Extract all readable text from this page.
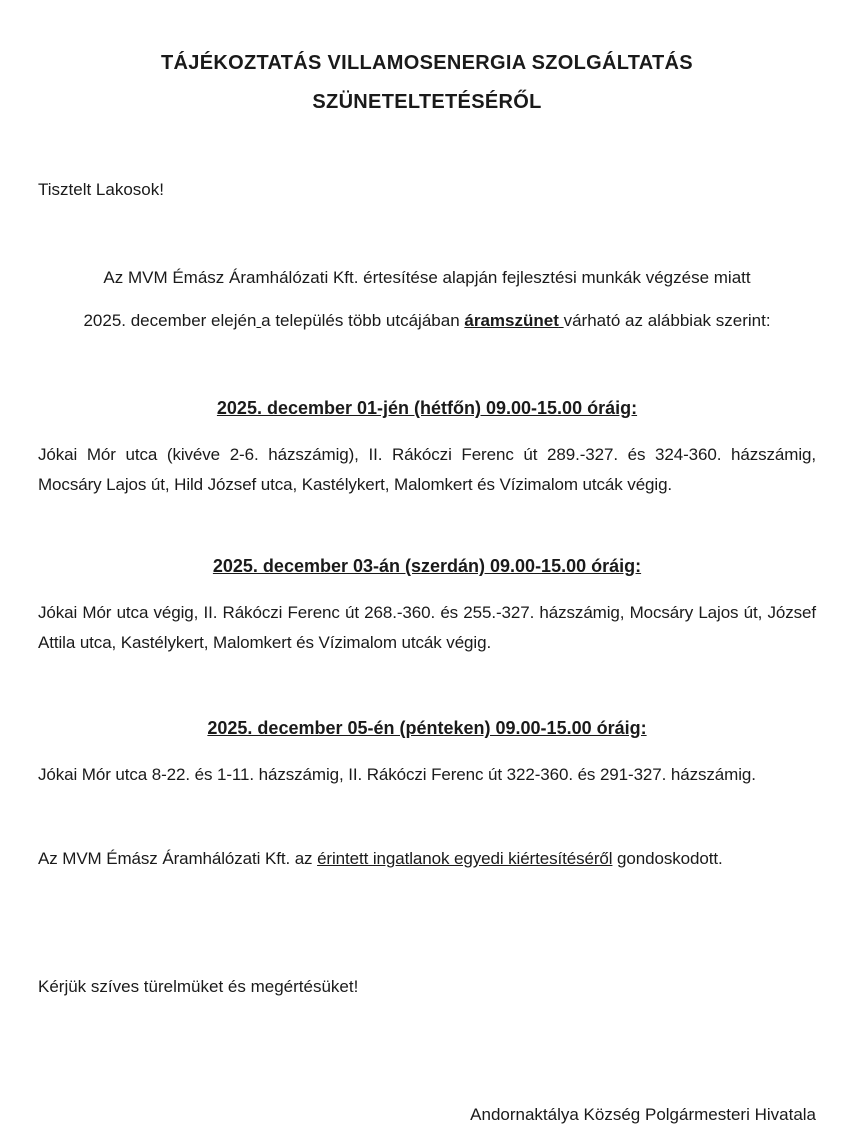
TÁJÉKOZTATÁS VILLAMOSENERGIA SZOLGÁLTATÁS
SZÜNETELTETÉSÉRŐL

Tisztelt Lakosok!

Az MVM Émász Áramhálózati Kft. értesítése alapján fejlesztési munkák végzése miatt
2025. december elején a település több utcájában áramszünet várható az alábbiak szerint:

2025. december 01-jén (hétfőn) 09.00-15.00 óráig:

Jókai Mór utca (kivéve 2-6. házszámig), II. Rákóczi Ferenc út 289.-327. és 324-360. házszámig, Mocsáry Lajos út, Hild József utca, Kastélykert, Malomkert és Vízimalom utcák végig.

2025. december 03-án (szerdán) 09.00-15.00 óráig:

Jókai Mór utca végig, II. Rákóczi Ferenc út 268.-360. és 255.-327. házszámig, Mocsáry Lajos út, József Attila utca, Kastélykert, Malomkert és Vízimalom utcák végig.

2025. december 05-én (pénteken) 09.00-15.00 óráig:

Jókai Mór utca 8-22. és 1-11. házszámig, II. Rákóczi Ferenc út 322-360. és 291-327. házszámig.

Az MVM Émász Áramhálózati Kft. az érintett ingatlanok egyedi kiértesítéséről gondoskodott.

Kérjük szíves türelmüket és megértésüket!

Andornaktálya Község Polgármesteri Hivatala
